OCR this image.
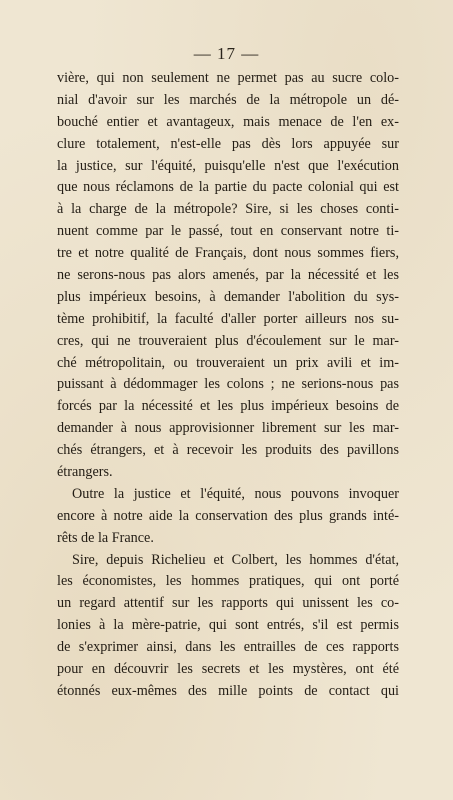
— 17 —
vière, qui non seulement ne permet pas au sucre colo-
nial d'avoir sur les marchés de la métropole un dé-
bouché entier et avantageux, mais menace de l'en ex-
clure totalement, n'est-elle pas dès lors appuyée sur
la justice, sur l'équité, puisqu'elle n'est que l'exécution
que nous réclamons de la partie du pacte colonial qui est
à la charge de la métropole? Sire, si les choses conti-
nuent comme par le passé, tout en conservant notre ti-
tre et notre qualité de Français, dont nous sommes fiers,
ne serons-nous pas alors amenés, par la nécessité et les
plus impérieux besoins, à demander l'abolition du sys-
tème prohibitif, la faculté d'aller porter ailleurs nos su-
cres, qui ne trouveraient plus d'écoulement sur le mar-
ché métropolitain, ou trouveraient un prix avili et im-
puissant à dédommager les colons ; ne serions-nous pas
forcés par la nécessité et les plus impérieux besoins de
demander à nous approvisionner librement sur les mar-
chés étrangers, et à recevoir les produits des pavillons
étrangers.
Outre la justice et l'équité, nous pouvons invoquer
encore à notre aide la conservation des plus grands inté-
rêts de la France.
Sire, depuis Richelieu et Colbert, les hommes d'état,
les économistes, les hommes pratiques, qui ont porté
un regard attentif sur les rapports qui unissent les co-
lonies à la mère-patrie, qui sont entrés, s'il est permis
de s'exprimer ainsi, dans les entrailles de ces rapports
pour en découvrir les secrets et les mystères, ont été
étonnés eux-mêmes des mille points de contact qui
